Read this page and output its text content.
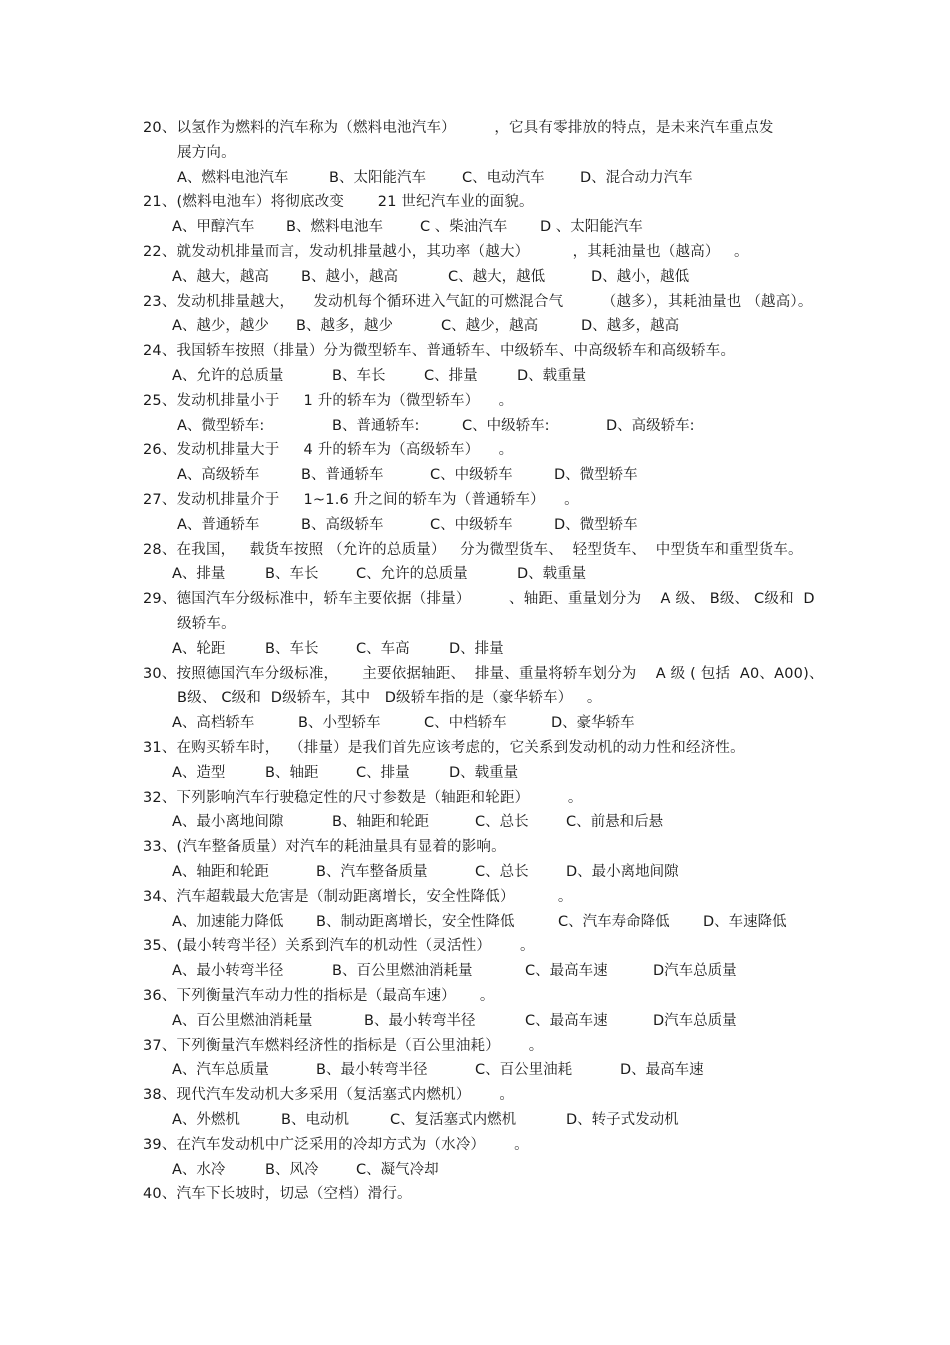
20、以氢作为燃料的汽车称为（燃料电池汽车）        ，它具有零排放的特点，是未来汽车重点发
展方向。
A、燃料电池汽车	B、太阳能汽车 C、电动汽车 D、混合动力汽车
21、(燃料电池车）将彻底改变       21 世纪汽车业的面貌。
A、甲醇汽车 B、燃料电池车	C 、柴油汽车 D 、太阳能汽车
22、就发动机排量而言，发动机排量越小，其功率（越大）         ，其耗油量也（越高）   。
A、越大，越高 B、越小，越高	C、越大，越低	D、越小，越低
23、发动机排量越大，    发动机每个循环进入气缸的可燃混合气        （越多），其耗油量也 （越高）。
A、越少，越少 B、越多，越少	C、越少，越高	D、越多，越高
24、我国轿车按照（排量）分为微型轿车、普通轿车、中级轿车、中高级轿车和高级轿车。
A、允许的总质量	B、车长	C、排量	D、载重量
25、发动机排量小于     1 升的轿车为（微型轿车）    。
A、微型轿车:	B、普通轿车:	C、中级轿车:	D、高级轿车:
26、发动机排量大于     4 升的轿车为（高级轿车）    。
A、高级轿车	B、普通轿车	C、中级轿车	D、微型轿车
27、发动机排量介于     1~1.6 升之间的轿车为（普通轿车）    。
A、普通轿车	B、高级轿车	C、中级轿车	D、微型轿车
28、在我国，   载货车按照 （允许的总质量）   分为微型货车、  轻型货车、  中型货车和重型货车。
A、排量	B、车长	C、允许的总质量	D、载重量
29、德国汽车分级标准中，轿车主要依据（排量）        、轴距、重量划分为    A 级、 B级、 C级和  D
级轿车。
A、轮距	B、车长	C、车高	D、排量
30、按照德国汽车分级标准，     主要依据轴距、  排量、重量将轿车划分为    A 级 ( 包括  A0、A00)、
B级、 C级和  D级轿车，其中   D级轿车指的是（豪华轿车）   。
A、高档轿车	B、小型轿车	C、中档轿车	D、豪华轿车
31、在购买轿车时，  （排量）是我们首先应该考虑的，它关系到发动机的动力性和经济性。
A、造型	B、轴距	C、排量	D、载重量
32、下列影响汽车行驶稳定性的尺寸参数是（轴距和轮距）        。
A、最小离地间隙	B、轴距和轮距	C、总长	C、前悬和后悬
33、(汽车整备质量）对汽车的耗油量具有显着的影响。
A、轴距和轮距	B、汽车整备质量	C、总长	D、最小离地间隙
34、汽车超载最大危害是（制动距离增长，安全性降低）         。
A、加速能力降低 B、制动距离增长，安全性降低	C、汽车寿命降低 D、车速降低
35、(最小转弯半径）关系到汽车的机动性（灵活性）      。
A、最小转弯半径	B、百公里燃油消耗量	C、最高车速	D汽车总质量
36、下列衡量汽车动力性的指标是（最高车速）     。
A、百公里燃油消耗量	B、最小转弯半径	C、最高车速	D汽车总质量
37、下列衡量汽车燃料经济性的指标是（百公里油耗）      。
A、汽车总质量	B、最小转弯半径	C、百公里油耗	D、最高车速
38、现代汽车发动机大多采用（复活塞式内燃机）      。
A、外燃机	B、电动机	C、复活塞式内燃机	D、转子式发动机
39、在汽车发动机中广泛采用的冷却方式为（水冷）      。
A、水冷	B、风冷	C、凝气冷却
40、汽车下长坡时，切忌（空档）滑行。
